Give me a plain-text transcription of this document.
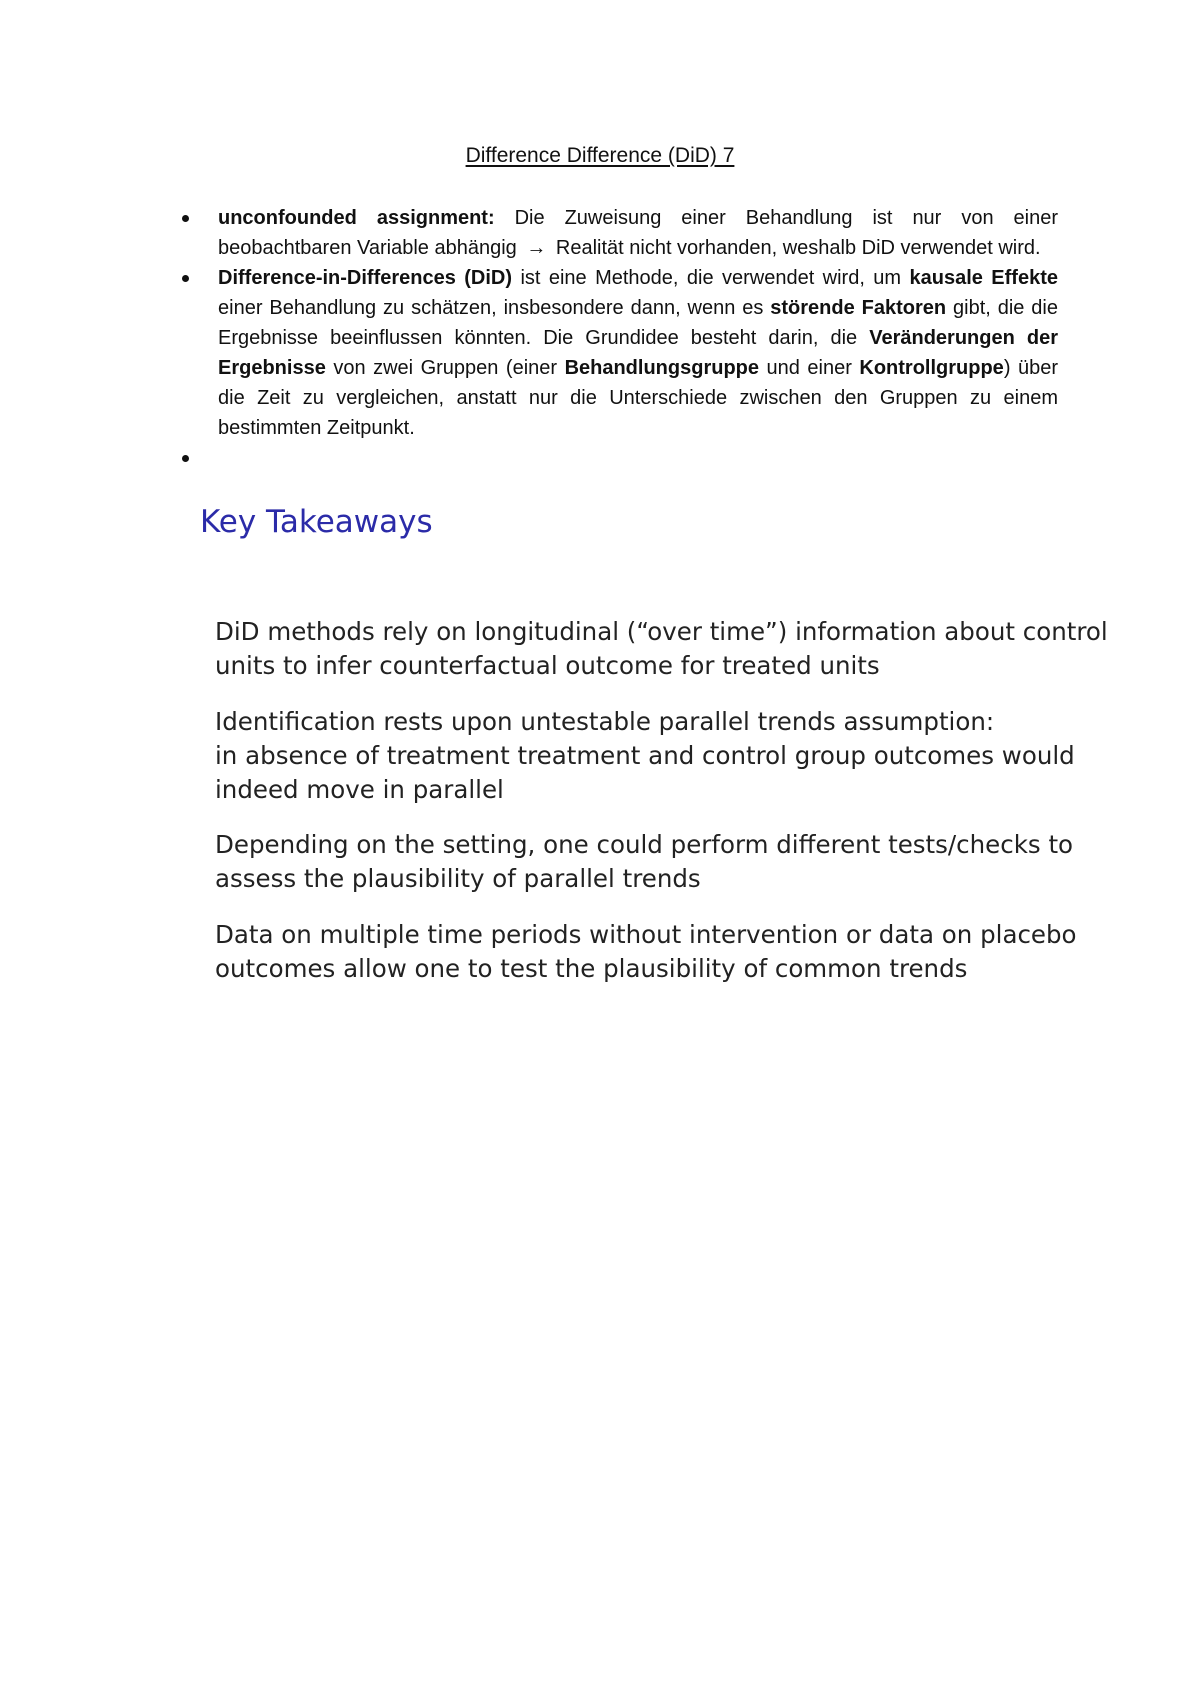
Difference Difference (DiD) 7
unconfounded assignment: Die Zuweisung einer Behandlung ist nur von einer beobachtbaren Variable abhängig → Realität nicht vorhanden, weshalb DiD verwendet wird.
Difference-in-Differences (DiD) ist eine Methode, die verwendet wird, um kausale Effekte einer Behandlung zu schätzen, insbesondere dann, wenn es störende Faktoren gibt, die die Ergebnisse beeinflussen könnten. Die Grundidee besteht darin, die Veränderungen der Ergebnisse von zwei Gruppen (einer Behandlungsgruppe und einer Kontrollgruppe) über die Zeit zu vergleichen, anstatt nur die Unterschiede zwischen den Gruppen zu einem bestimmten Zeitpunkt.
Key Takeaways
DiD methods rely on longitudinal (“over time”) information about control
units to infer counterfactual outcome for treated units
Identification rests upon untestable parallel trends assumption:
in absence of treatment treatment and control group outcomes would
indeed move in parallel
Depending on the setting, one could perform different tests/checks to
assess the plausibility of parallel trends
Data on multiple time periods without intervention or data on placebo
outcomes allow one to test the plausibility of common trends
